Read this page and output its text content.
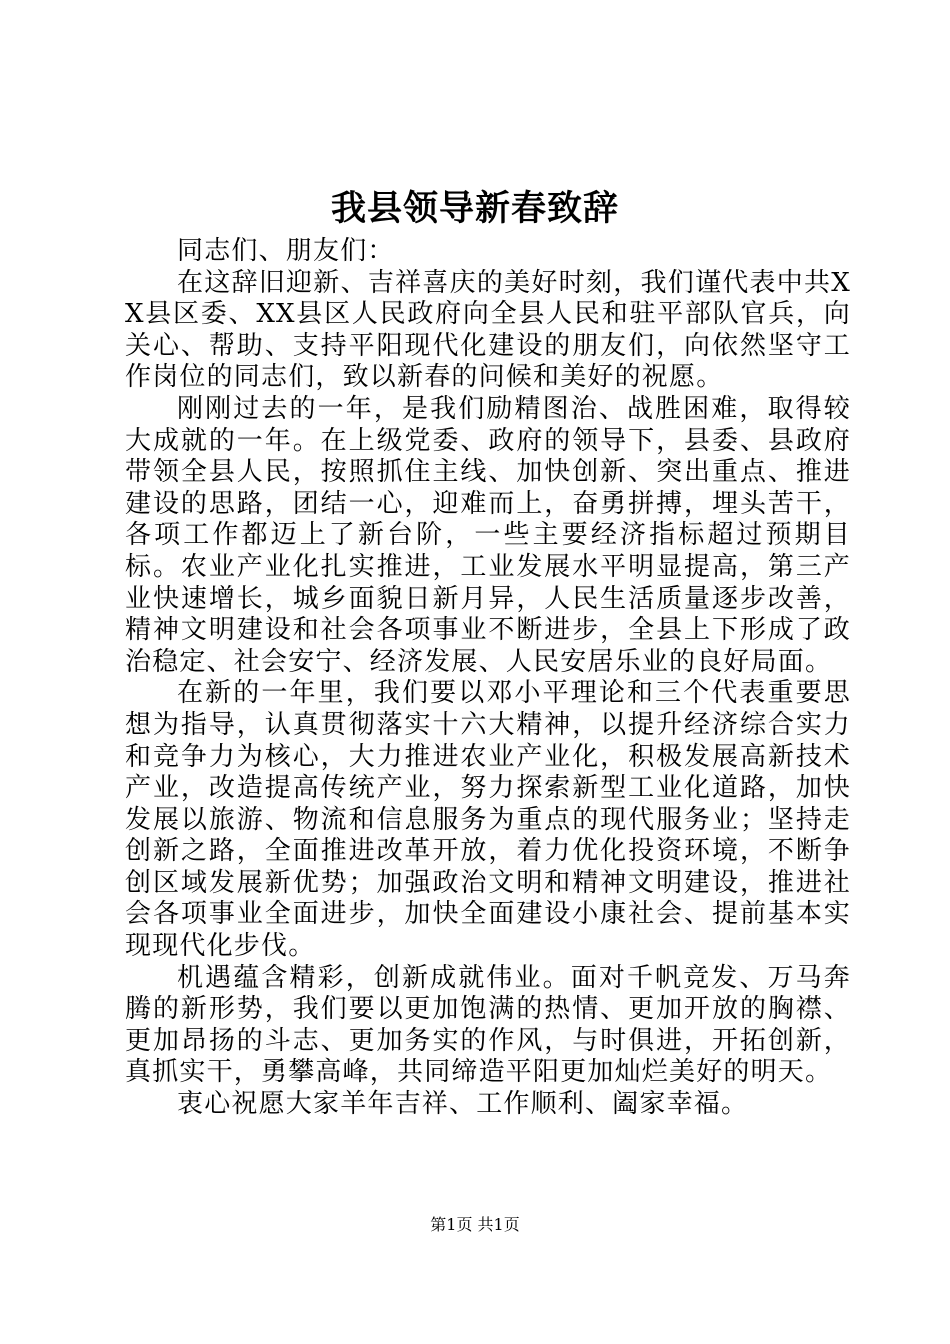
我县领导新春致辞

同志们、朋友们：

在这辞旧迎新、吉祥喜庆的美好时刻，我们谨代表中共XX县区委、XX县区人民政府向全县人民和驻平部队官兵，向关心、帮助、支持平阳现代化建设的朋友们，向依然坚守工作岗位的同志们，致以新春的问候和美好的祝愿。

刚刚过去的一年，是我们励精图治、战胜困难，取得较大成就的一年。在上级党委、政府的领导下，县委、县政府带领全县人民，按照抓住主线、加快创新、突出重点、推进建设的思路，团结一心，迎难而上，奋勇拼搏，埋头苦干，各项工作都迈上了新台阶，一些主要经济指标超过预期目标。农业产业化扎实推进，工业发展水平明显提高，第三产业快速增长，城乡面貌日新月异，人民生活质量逐步改善，精神文明建设和社会各项事业不断进步，全县上下形成了政治稳定、社会安宁、经济发展、人民安居乐业的良好局面。

在新的一年里，我们要以邓小平理论和三个代表重要思想为指导，认真贯彻落实十六大精神，以提升经济综合实力和竞争力为核心，大力推进农业产业化，积极发展高新技术产业，改造提高传统产业，努力探索新型工业化道路，加快发展以旅游、物流和信息服务为重点的现代服务业；坚持走创新之路，全面推进改革开放，着力优化投资环境，不断争创区域发展新优势；加强政治文明和精神文明建设，推进社会各项事业全面进步，加快全面建设小康社会、提前基本实现现代化步伐。

机遇蕴含精彩，创新成就伟业。面对千帆竞发、万马奔腾的新形势，我们要以更加饱满的热情、更加开放的胸襟、更加昂扬的斗志、更加务实的作风，与时俱进，开拓创新，真抓实干，勇攀高峰，共同缔造平阳更加灿烂美好的明天。

衷心祝愿大家羊年吉祥、工作顺利、阖家幸福。

第1页 共1页
